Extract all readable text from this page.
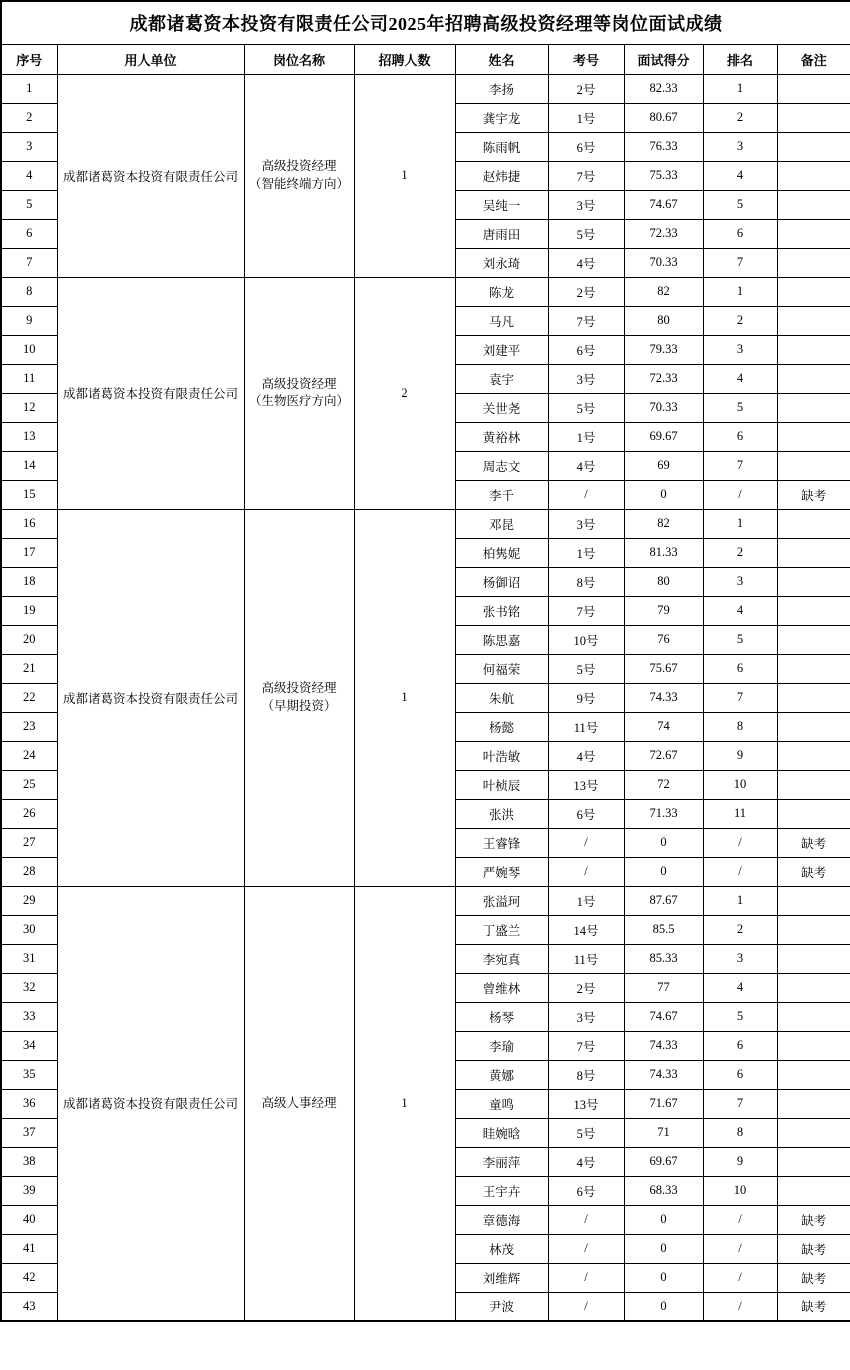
成都诸葛资本投资有限责任公司2025年招聘高级投资经理等岗位面试成绩								
序号	用人单位	岗位名称	招聘人数	姓名	考号	面试得分	排名	备注
1	成都诸葛资本投资有限责任公司	高级投资经理
（智能终端方向）	1	李扬	2号	82.33	1	
2				龚宇龙	1号	80.67	2	
3				陈雨帆	6号	76.33	3	
4				赵炜捷	7号	75.33	4	
5				吴纯一	3号	74.67	5	
6				唐雨田	5号	72.33	6	
7				刘永琦	4号	70.33	7	
8	成都诸葛资本投资有限责任公司	高级投资经理
（生物医疗方向）	2	陈龙	2号	82	1	
9				马凡	7号	80	2	
10				刘建平	6号	79.33	3	
11				袁宇	3号	72.33	4	
12				关世尧	5号	70.33	5	
13				黄裕林	1号	69.67	6	
14				周志文	4号	69	7	
15				李千	/	0	/	缺考
16	成都诸葛资本投资有限责任公司	高级投资经理
（早期投资）	1	邓昆	3号	82	1	
17				柏隽妮	1号	81.33	2	
18				杨御诏	8号	80	3	
19				张书铭	7号	79	4	
20				陈思嘉	10号	76	5	
21				何福荣	5号	75.67	6	
22				朱航	9号	74.33	7	
23				杨懿	11号	74	8	
24				叶浩敏	4号	72.67	9	
25				叶桢辰	13号	72	10	
26				张洪	6号	71.33	11	
27				王睿锋	/	0	/	缺考
28				严婉琴	/	0	/	缺考
29	成都诸葛资本投资有限责任公司	高级人事经理	1	张溢珂	1号	87.67	1	
30				丁盛兰	14号	85.5	2	
31				李宛真	11号	85.33	3	
32				曾维林	2号	77	4	
33				杨琴	3号	74.67	5	
34				李瑜	7号	74.33	6	
35				黄娜	8号	74.33	6	
36				童鸣	13号	71.67	7	
37				眭婉晗	5号	71	8	
38				李丽萍	4号	69.67	9	
39				王宇卉	6号	68.33	10	
40				章德海	/	0	/	缺考
41				林茂	/	0	/	缺考
42				刘维辉	/	0	/	缺考
43				尹波	/	0	/	缺考
